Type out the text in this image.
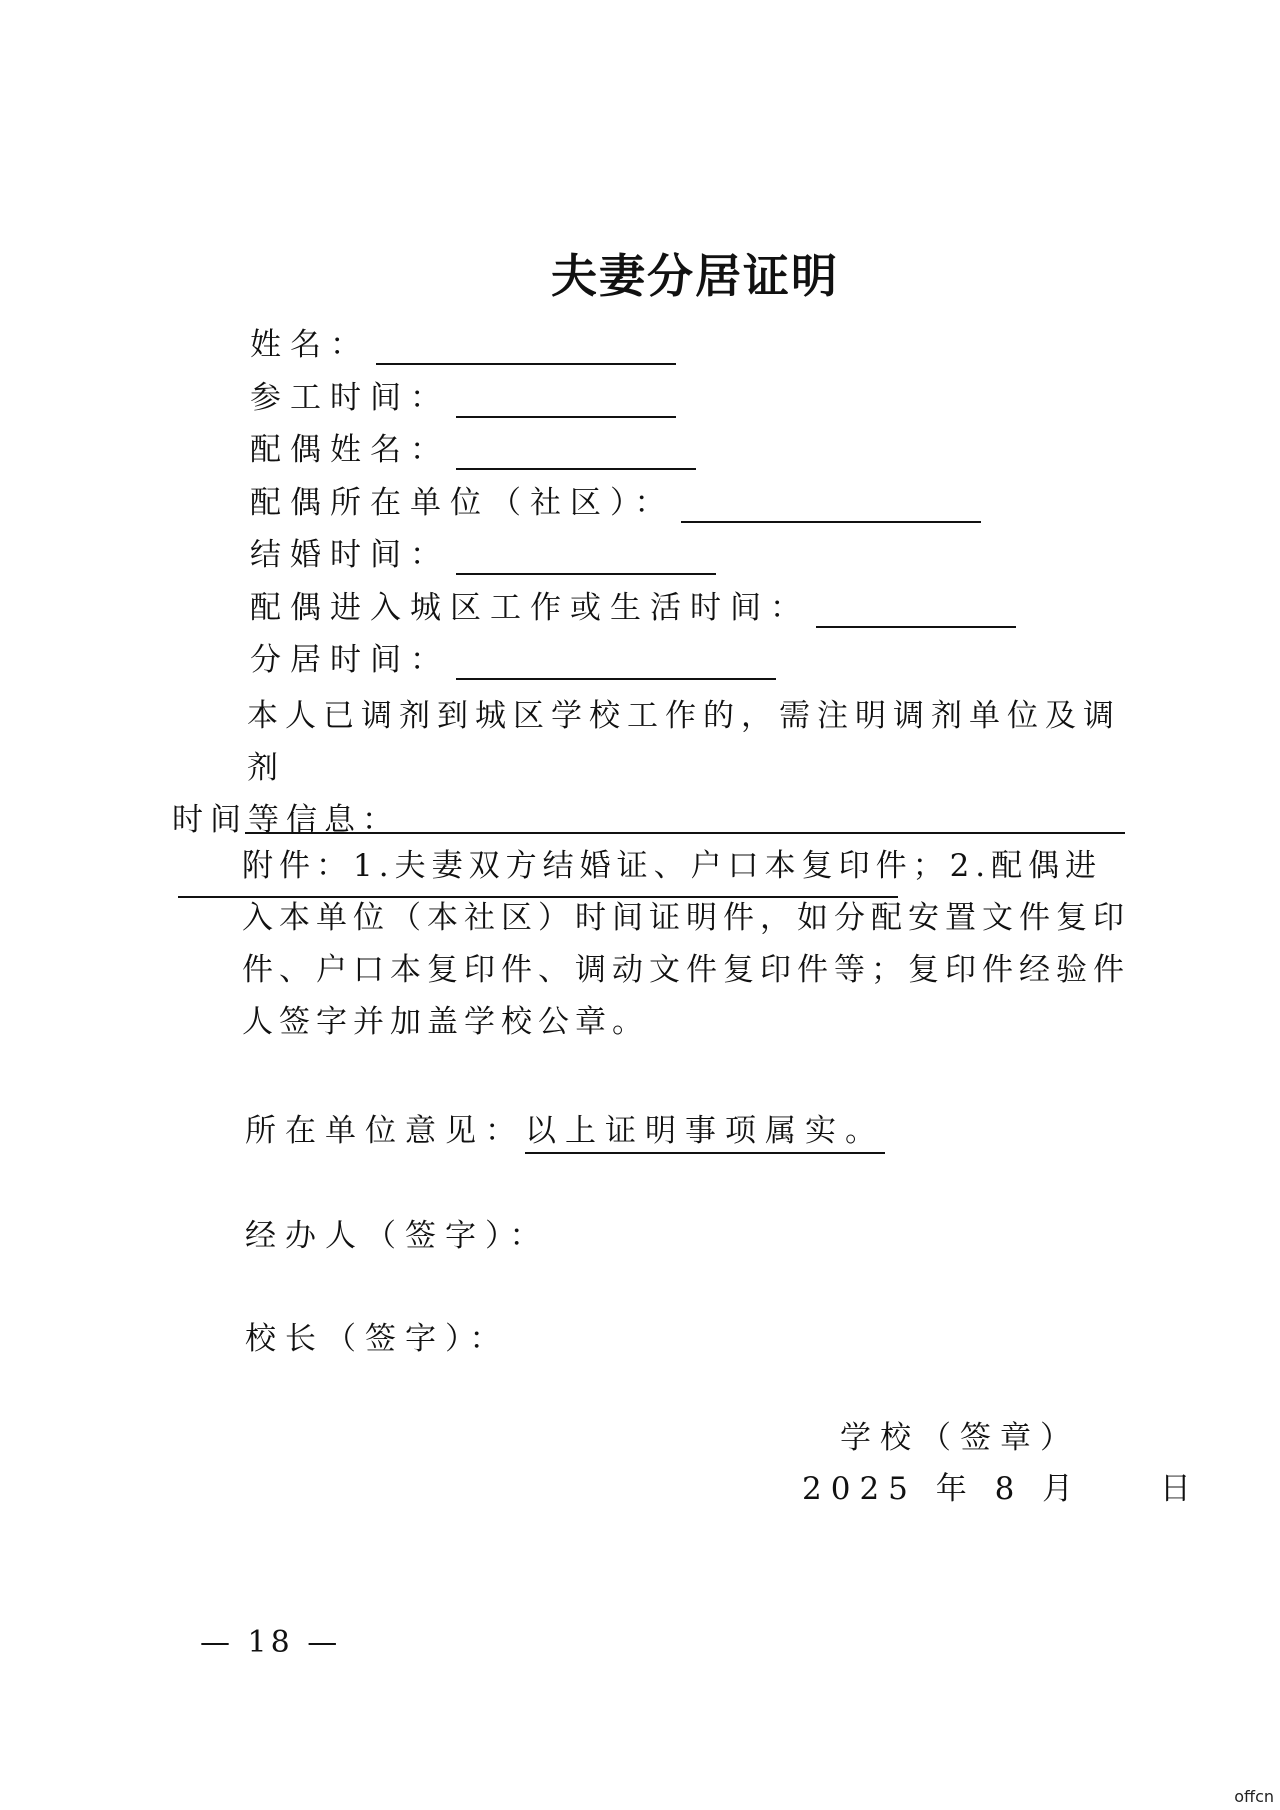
夫妻分居证明
姓名：
参工时间：
配偶姓名：
配偶所在单位（社区）：
结婚时间：
配偶进入城区工作或生活时间：
分居时间：
本人已调剂到城区学校工作的，需注明调剂单位及调剂
时间等信息：
附件：1.夫妻双方结婚证、户口本复印件；2.配偶进入本单位（本社区）时间证明件，如分配安置文件复印件、户口本复印件、调动文件复印件等；复印件经验件人签字并加盖学校公章。
所在单位意见：以上证明事项属实。
经办人（签字）：
校长（签字）：
学校（签章）
2025 年 8 月 　 日
— 18 —
offcn
